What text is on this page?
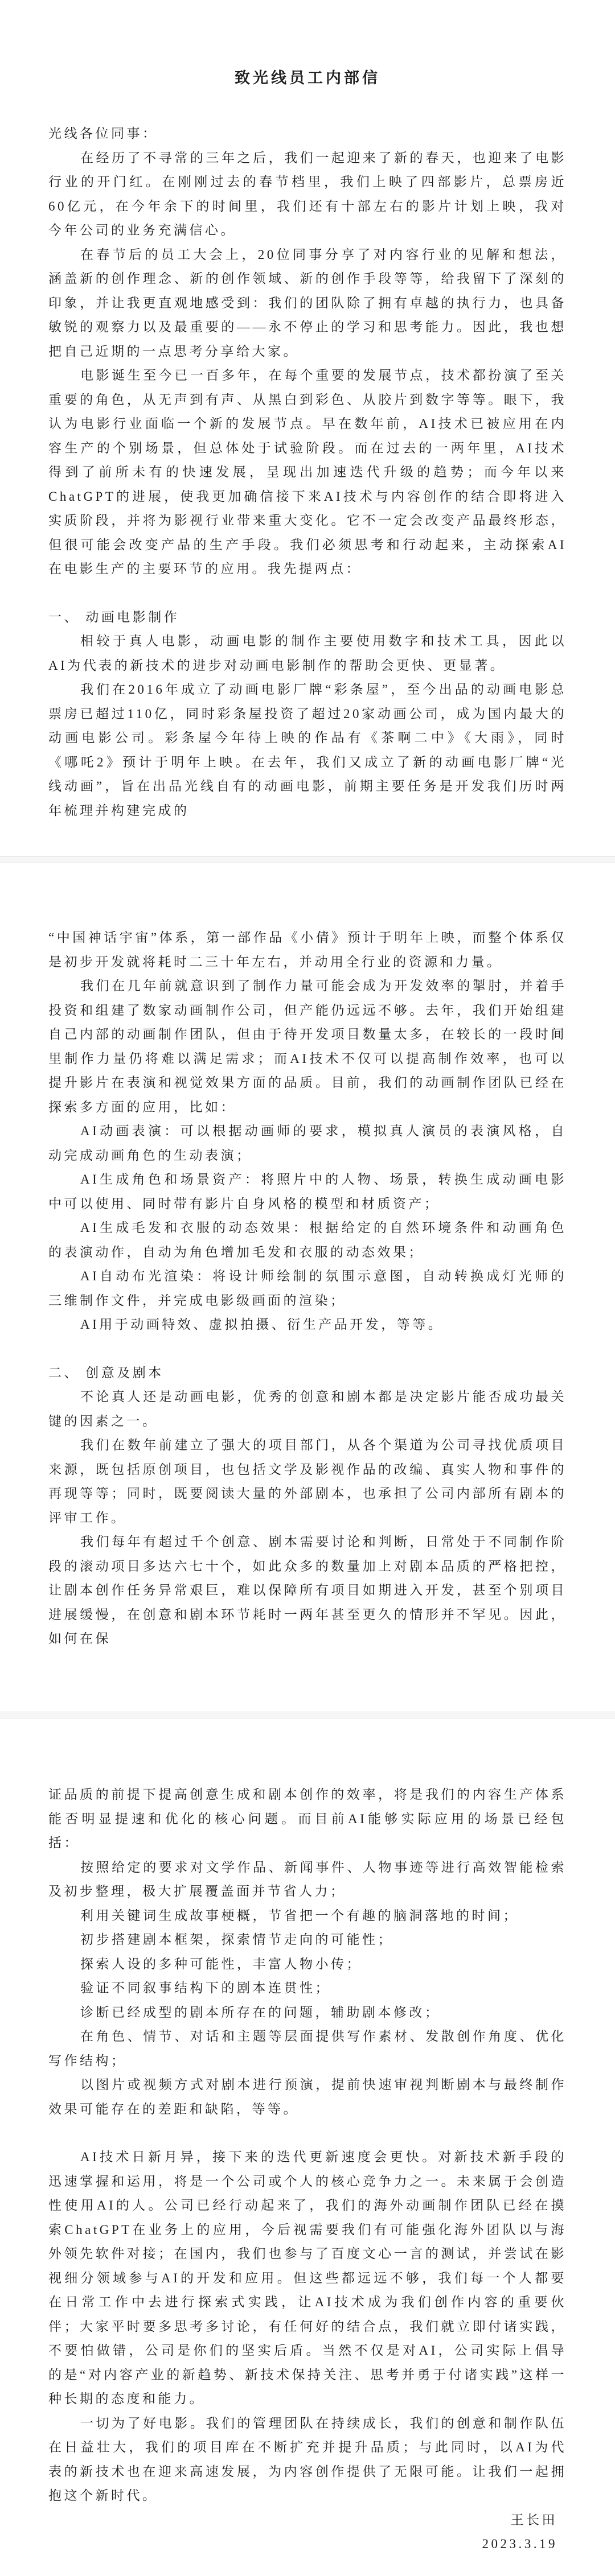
致光线员工内部信

光线各位同事：

在经历了不寻常的三年之后，我们一起迎来了新的春天，也迎来了电影行业的开门红。在刚刚过去的春节档里，我们上映了四部影片，总票房近60亿元，在今年余下的时间里，我们还有十部左右的影片计划上映，我对今年公司的业务充满信心。

在春节后的员工大会上，20位同事分享了对内容行业的见解和想法，涵盖新的创作理念、新的创作领域、新的创作手段等等，给我留下了深刻的印象，并让我更直观地感受到：我们的团队除了拥有卓越的执行力，也具备敏锐的观察力以及最重要的——永不停止的学习和思考能力。因此，我也想把自己近期的一点思考分享给大家。

电影诞生至今已一百多年，在每个重要的发展节点，技术都扮演了至关重要的角色，从无声到有声、从黑白到彩色、从胶片到数字等等。眼下，我认为电影行业面临一个新的发展节点。早在数年前，AI技术已被应用在内容生产的个别场景，但总体处于试验阶段。而在过去的一两年里，AI技术得到了前所未有的快速发展，呈现出加速迭代升级的趋势；而今年以来ChatGPT的进展，使我更加确信接下来AI技术与内容创作的结合即将进入实质阶段，并将为影视行业带来重大变化。它不一定会改变产品最终形态，但很可能会改变产品的生产手段。我们必须思考和行动起来，主动探索AI在电影生产的主要环节的应用。我先提两点：

一、 动画电影制作

相较于真人电影，动画电影的制作主要使用数字和技术工具，因此以AI为代表的新技术的进步对动画电影制作的帮助会更快、更显著。

我们在2016年成立了动画电影厂牌“彩条屋”，至今出品的动画电影总票房已超过110亿，同时彩条屋投资了超过20家动画公司，成为国内最大的动画电影公司。彩条屋今年待上映的作品有《茶啊二中》《大雨》，同时《哪吒2》预计于明年上映。在去年，我们又成立了新的动画电影厂牌“光线动画”，旨在出品光线自有的动画电影，前期主要任务是开发我们历时两年梳理并构建完成的

“中国神话宇宙”体系，第一部作品《小倩》预计于明年上映，而整个体系仅是初步开发就将耗时二三十年左右，并动用全行业的资源和力量。

我们在几年前就意识到了制作力量可能会成为开发效率的掣肘，并着手投资和组建了数家动画制作公司，但产能仍远远不够。去年，我们开始组建自己内部的动画制作团队，但由于待开发项目数量太多，在较长的一段时间里制作力量仍将难以满足需求；而AI技术不仅可以提高制作效率，也可以提升影片在表演和视觉效果方面的品质。目前，我们的动画制作团队已经在探索多方面的应用，比如：

AI动画表演：可以根据动画师的要求，模拟真人演员的表演风格，自动完成动画角色的生动表演；

AI生成角色和场景资产：将照片中的人物、场景，转换生成动画电影中可以使用、同时带有影片自身风格的模型和材质资产；

AI生成毛发和衣服的动态效果：根据给定的自然环境条件和动画角色的表演动作，自动为角色增加毛发和衣服的动态效果；

AI自动布光渲染：将设计师绘制的氛围示意图，自动转换成灯光师的三维制作文件，并完成电影级画面的渲染；

AI用于动画特效、虚拟拍摄、衍生产品开发，等等。

二、 创意及剧本

不论真人还是动画电影，优秀的创意和剧本都是决定影片能否成功最关键的因素之一。

我们在数年前建立了强大的项目部门，从各个渠道为公司寻找优质项目来源，既包括原创项目，也包括文学及影视作品的改编、真实人物和事件的再现等等；同时，既要阅读大量的外部剧本，也承担了公司内部所有剧本的评审工作。

我们每年有超过千个创意、剧本需要讨论和判断，日常处于不同制作阶段的滚动项目多达六七十个，如此众多的数量加上对剧本品质的严格把控，让剧本创作任务异常艰巨，难以保障所有项目如期进入开发，甚至个别项目进展缓慢，在创意和剧本环节耗时一两年甚至更久的情形并不罕见。因此，如何在保

证品质的前提下提高创意生成和剧本创作的效率，将是我们的内容生产体系能否明显提速和优化的核心问题。而目前AI能够实际应用的场景已经包括：

按照给定的要求对文学作品、新闻事件、人物事迹等进行高效智能检索及初步整理，极大扩展覆盖面并节省人力；

利用关键词生成故事梗概，节省把一个有趣的脑洞落地的时间；

初步搭建剧本框架，探索情节走向的可能性；

探索人设的多种可能性，丰富人物小传；

验证不同叙事结构下的剧本连贯性；

诊断已经成型的剧本所存在的问题，辅助剧本修改；

在角色、情节、对话和主题等层面提供写作素材、发散创作角度、优化写作结构；

以图片或视频方式对剧本进行预演，提前快速审视判断剧本与最终制作效果可能存在的差距和缺陷，等等。

AI技术日新月异，接下来的迭代更新速度会更快。对新技术新手段的迅速掌握和运用，将是一个公司或个人的核心竞争力之一。未来属于会创造性使用AI的人。公司已经行动起来了，我们的海外动画制作团队已经在摸索ChatGPT在业务上的应用，今后视需要我们有可能强化海外团队以与海外领先软件对接；在国内，我们也参与了百度文心一言的测试，并尝试在影视细分领域参与AI的开发和应用。但这些都远远不够，我们每一个人都要在日常工作中去进行探索式实践，让AI技术成为我们创作内容的重要伙伴；大家平时要多思考多讨论，有任何好的结合点，我们就立即付诸实践，不要怕做错，公司是你们的坚实后盾。当然不仅是对AI，公司实际上倡导的是“对内容产业的新趋势、新技术保持关注、思考并勇于付诸实践”这样一种长期的态度和能力。

一切为了好电影。我们的管理团队在持续成长，我们的创意和制作队伍在日益壮大，我们的项目库在不断扩充并提升品质；与此同时，以AI为代表的新技术也在迎来高速发展，为内容创作提供了无限可能。让我们一起拥抱这个新时代。

王长田

2023.3.19
